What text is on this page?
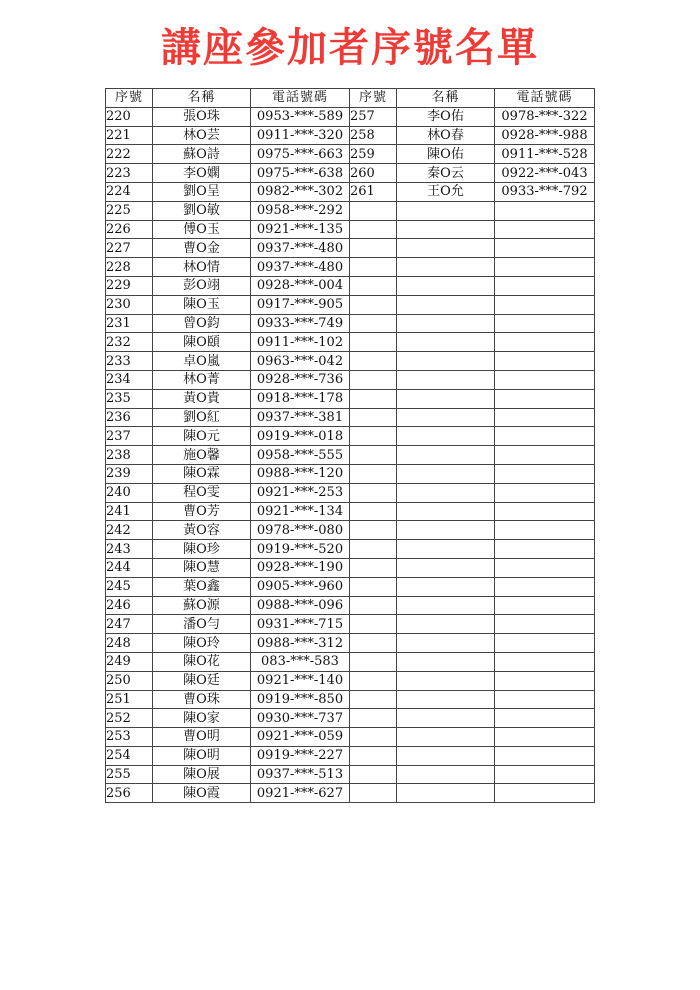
講座參加者序號名單
序號	名稱	電話號碼	序號	名稱	電話號碼
220	張O珠	0953-***-589	257	李O佑	0978-***-322
221	林O芸	0911-***-320	258	林O春	0928-***-988
222	蘇O詩	0975-***-663	259	陳O佑	0911-***-528
223	李O嫻	0975-***-638	260	秦O云	0922-***-043
224	劉O呈	0982-***-302	261	王O允	0933-***-792
225	劉O敏	0958-***-292			
226	傅O玉	0921-***-135			
227	曹O金	0937-***-480			
228	林O情	0937-***-480			
229	彭O翊	0928-***-004			
230	陳O玉	0917-***-905			
231	曾O鈞	0933-***-749			
232	陳O頤	0911-***-102			
233	卓O嵐	0963-***-042			
234	林O菁	0928-***-736			
235	黃O貴	0918-***-178			
236	劉O紅	0937-***-381			
237	陳O元	0919-***-018			
238	施O馨	0958-***-555			
239	陳O霖	0988-***-120			
240	程O雯	0921-***-253			
241	曹O芳	0921-***-134			
242	黃O容	0978-***-080			
243	陳O珍	0919-***-520			
244	陳O慧	0928-***-190			
245	葉O鑫	0905-***-960			
246	蘇O源	0988-***-096			
247	潘O勻	0931-***-715			
248	陳O玲	0988-***-312			
249	陳O花	083-***-583			
250	陳O廷	0921-***-140			
251	曹O珠	0919-***-850			
252	陳O家	0930-***-737			
253	曹O明	0921-***-059			
254	陳O明	0919-***-227			
255	陳O展	0937-***-513			
256	陳O霞	0921-***-627			
